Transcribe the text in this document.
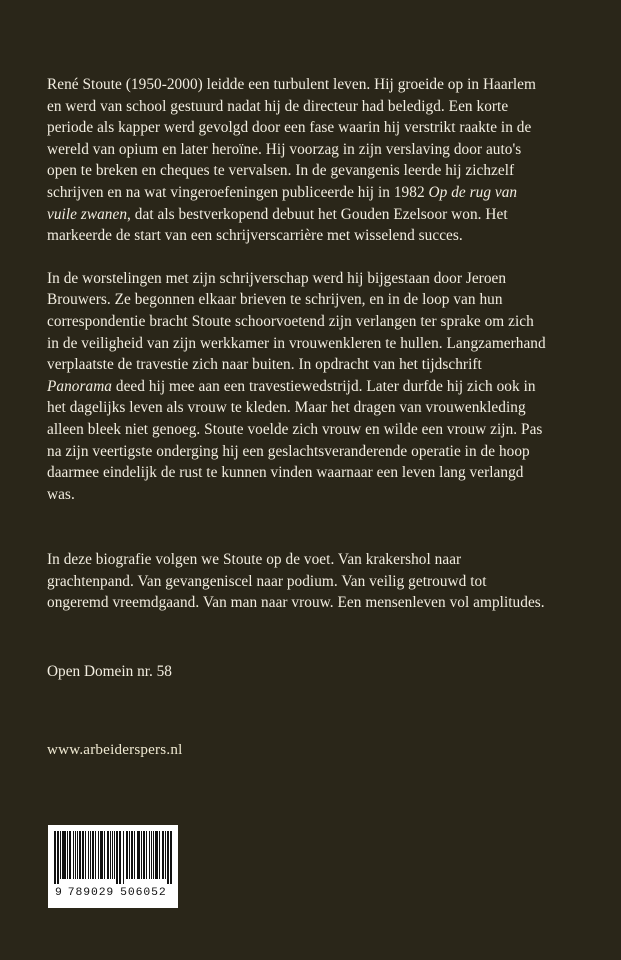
René Stoute (1950-2000) leidde een turbulent leven. Hij groeide op in Haarlem en werd van school gestuurd nadat hij de directeur had beledigd. Een korte periode als kapper werd gevolgd door een fase waarin hij verstrikt raakte in de wereld van opium en later heroïne. Hij voorzag in zijn verslaving door auto's open te breken en cheques te vervalsen. In de gevangenis leerde hij zichzelf schrijven en na wat vingeroefeningen publiceerde hij in 1982 Op de rug van vuile zwanen, dat als bestverkopend debuut het Gouden Ezelsoor won. Het markeerde de start van een schrijverscarrière met wisselend succes.

In de worstelingen met zijn schrijverschap werd hij bijgestaan door Jeroen Brouwers. Ze begonnen elkaar brieven te schrijven, en in de loop van hun correspondentie bracht Stoute schoorvoetend zijn verlangen ter sprake om zich in de veiligheid van zijn werkkamer in vrouwenkleren te hullen. Langzamerhand verplaatste de travestie zich naar buiten. In opdracht van het tijdschrift Panorama deed hij mee aan een travestiewedstrijd. Later durfde hij zich ook in het dagelijks leven als vrouw te kleden. Maar het dragen van vrouwenkleding alleen bleek niet genoeg. Stoute voelde zich vrouw en wilde een vrouw zijn. Pas na zijn veertigste onderging hij een geslachtsveranderende operatie in de hoop daarmee eindelijk de rust te kunnen vinden waarnaar een leven lang verlangd was.

In deze biografie volgen we Stoute op de voet. Van krakershol naar grachtenpand. Van gevangeniscel naar podium. Van veilig getrouwd tot ongeremd vreemdgaand. Van man naar vrouw. Een mensenleven vol amplitudes.

Open Domein nr. 58
www.arbeiderspers.nl
9 789029 506052
